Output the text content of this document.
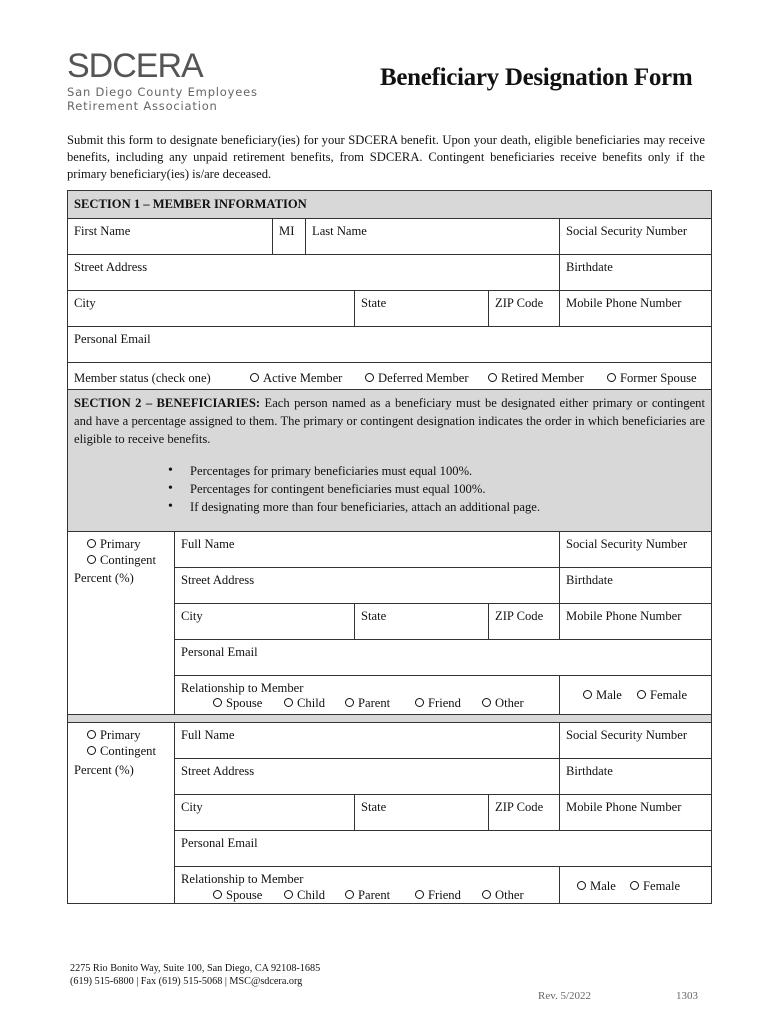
SDCERA
San Diego County Employees
Retirement Association
Beneficiary Designation Form
Submit this form to designate beneficiary(ies) for your SDCERA benefit. Upon your death, eligible beneficiaries may receive benefits, including any unpaid retirement benefits, from SDCERA. Contingent beneficiaries receive benefits only if the primary beneficiary(ies) is/are deceased.
SECTION 1 – MEMBER INFORMATION
First Name	MI	Last Name	Social Security Number
Street Address	Birthdate
City	State	ZIP Code	Mobile Phone Number
Personal Email
Member status (check one)	Active Member	Deferred Member	Retired Member	Former Spouse
SECTION 2 – BENEFICIARIES: Each person named as a beneficiary must be designated either primary or contingent and have a percentage assigned to them. The primary or contingent designation indicates the order in which beneficiaries are eligible to receive benefits.
• Percentages for primary beneficiaries must equal 100%.
• Percentages for contingent beneficiaries must equal 100%.
• If designating more than four beneficiaries, attach an additional page.
Primary
Contingent
Percent (%)
Full Name	Social Security Number
Street Address	Birthdate
City	State	ZIP Code	Mobile Phone Number
Personal Email
Relationship to Member
Spouse	Child	Parent	Friend	Other
Male	Female
Primary
Contingent
Percent (%)
Full Name	Social Security Number
Street Address	Birthdate
City	State	ZIP Code	Mobile Phone Number
Personal Email
Relationship to Member
Spouse	Child	Parent	Friend	Other
Male	Female
2275 Rio Bonito Way, Suite 100, San Diego, CA 92108-1685
(619) 515-6800 | Fax (619) 515-5068 | MSC@sdcera.org
Rev. 5/2022	1303
